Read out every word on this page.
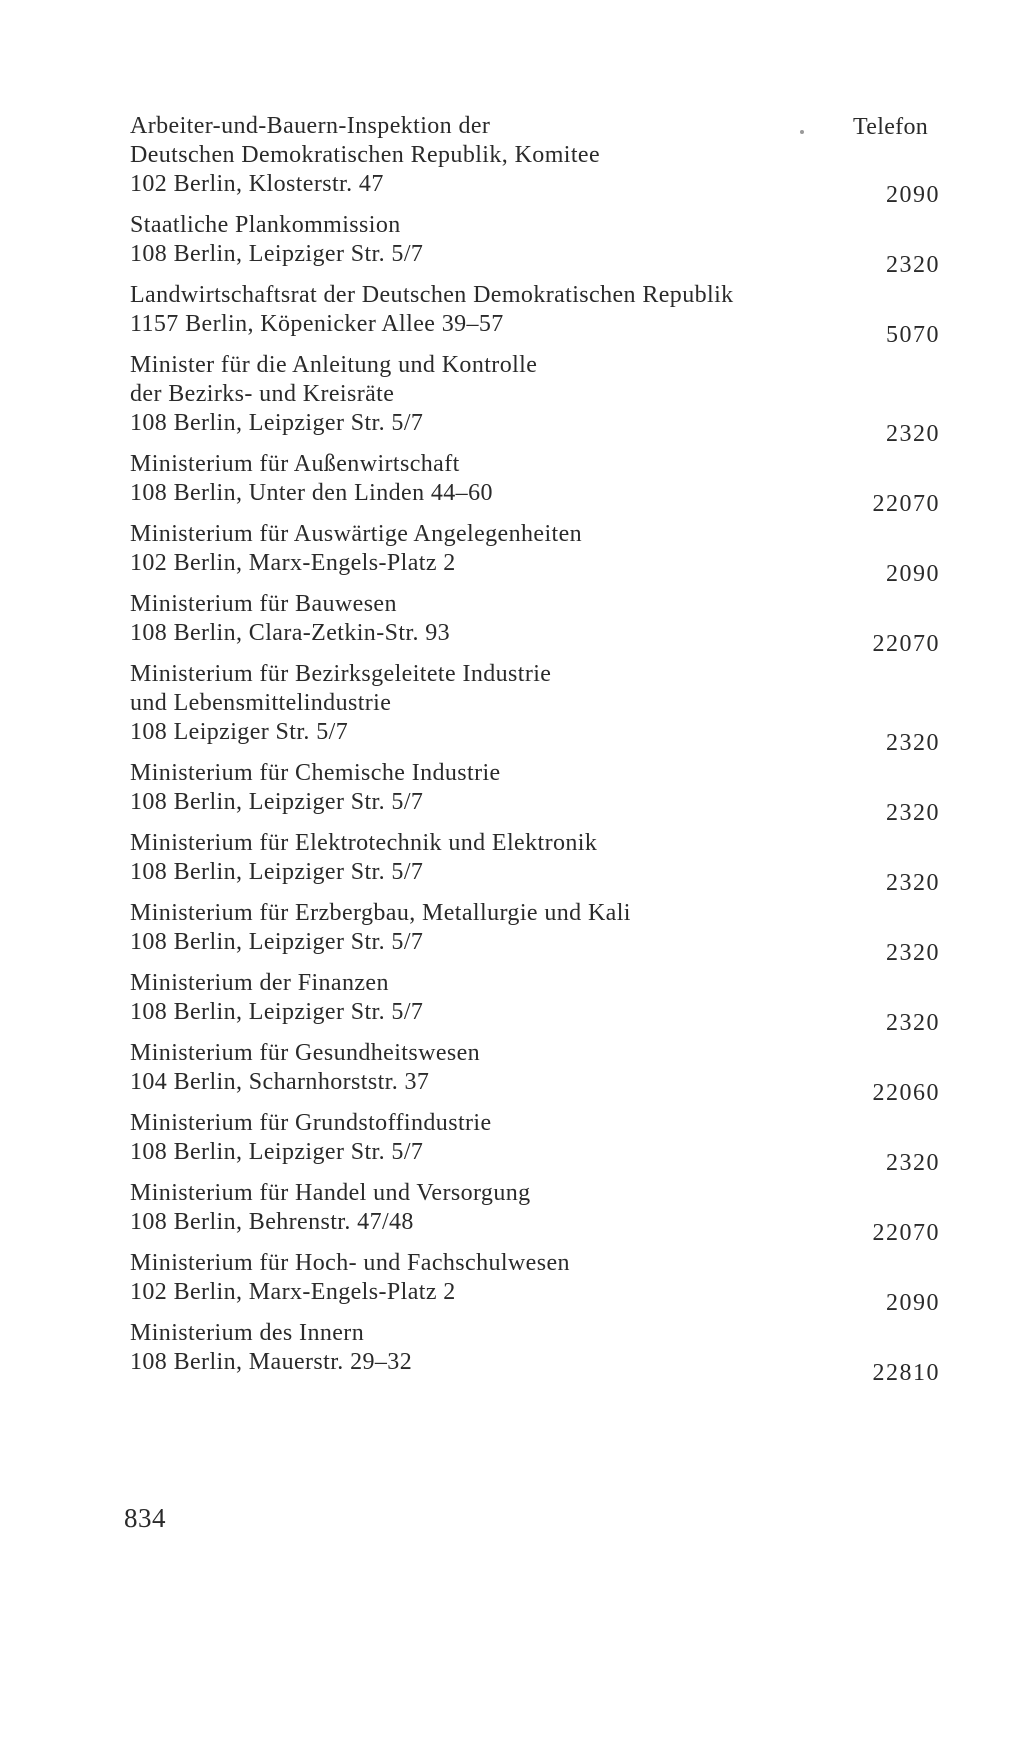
Telefon
Arbeiter-und-Bauern-Inspektion der
Deutschen Demokratischen Republik, Komitee
102 Berlin, Klosterstr. 47	2090
Staatliche Plankommission
108 Berlin, Leipziger Str. 5/7	2320
Landwirtschaftsrat der Deutschen Demokratischen Republik
1157 Berlin, Köpenicker Allee 39–57	5070
Minister für die Anleitung und Kontrolle
der Bezirks- und Kreisräte
108 Berlin, Leipziger Str. 5/7	2320
Ministerium für Außenwirtschaft
108 Berlin, Unter den Linden 44–60	22070
Ministerium für Auswärtige Angelegenheiten
102 Berlin, Marx-Engels-Platz 2	2090
Ministerium für Bauwesen
108 Berlin, Clara-Zetkin-Str. 93	22070
Ministerium für Bezirksgeleitete Industrie
und Lebensmittelindustrie
108 Leipziger Str. 5/7	2320
Ministerium für Chemische Industrie
108 Berlin, Leipziger Str. 5/7	2320
Ministerium für Elektrotechnik und Elektronik
108 Berlin, Leipziger Str. 5/7	2320
Ministerium für Erzbergbau, Metallurgie und Kali
108 Berlin, Leipziger Str. 5/7	2320
Ministerium der Finanzen
108 Berlin, Leipziger Str. 5/7	2320
Ministerium für Gesundheitswesen
104 Berlin, Scharnhorststr. 37	22060
Ministerium für Grundstoffindustrie
108 Berlin, Leipziger Str. 5/7	2320
Ministerium für Handel und Versorgung
108 Berlin, Behrenstr. 47/48	22070
Ministerium für Hoch- und Fachschulwesen
102 Berlin, Marx-Engels-Platz 2	2090
Ministerium des Innern
108 Berlin, Mauerstr. 29–32	22810
834
